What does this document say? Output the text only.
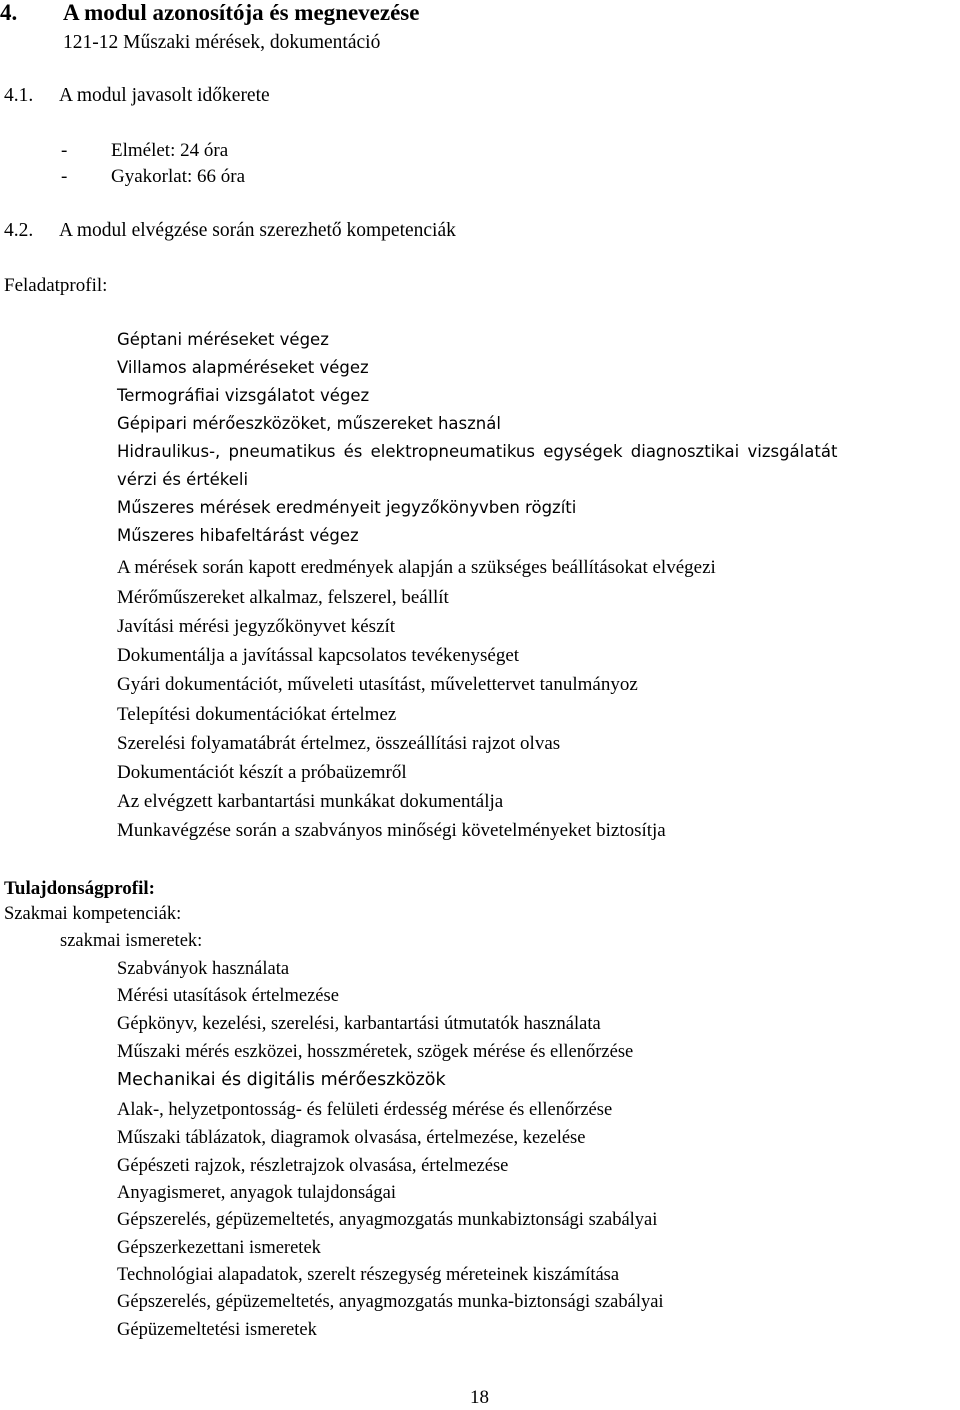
4. A modul azonosítója és megnevezése
121-12 Műszaki mérések, dokumentáció
4.1. A modul javasolt időkerete
- Elmélet: 24 óra
- Gyakorlat: 66 óra
4.2. A modul elvégzése során szerezhető kompetenciák
Feladatprofil:
Géptani méréseket végez
Villamos alapméréseket végez
Termográfiai vizsgálatot végez
Gépipari mérőeszközöket, műszereket használ
Hidraulikus-, pneumatikus és elektropneumatikus egységek diagnosztikai vizsgálatát
vérzi és értékeli
Műszeres mérések eredményeit jegyzőkönyvben rögzíti
Műszeres hibafeltárást végez
A mérések során kapott eredmények alapján a szükséges beállításokat elvégezi
Mérőműszereket alkalmaz, felszerel, beállít
Javítási mérési jegyzőkönyvet készít
Dokumentálja a javítással kapcsolatos tevékenységet
Gyári dokumentációt, műveleti utasítást, művelettervet tanulmányoz
Telepítési dokumentációkat értelmez
Szerelési folyamatábrát értelmez, összeállítási rajzot olvas
Dokumentációt készít a próbaüzemről
Az elvégzett karbantartási munkákat dokumentálja
Munkavégzése során a szabványos minőségi követelményeket biztosítja
Tulajdonságprofil:
Szakmai kompetenciák:
szakmai ismeretek:
Szabványok használata
Mérési utasítások értelmezése
Gépkönyv, kezelési, szerelési, karbantartási útmutatók használata
Műszaki mérés eszközei, hosszméretek, szögek mérése és ellenőrzése
Mechanikai és digitális mérőeszközök
Alak-, helyzetpontosság- és felületi érdesség mérése és ellenőrzése
Műszaki táblázatok, diagramok olvasása, értelmezése, kezelése
Gépészeti rajzok, részletrajzok olvasása, értelmezése
Anyagismeret, anyagok tulajdonságai
Gépszerelés, gépüzemeltetés, anyagmozgatás munkabiztonsági szabályai
Gépszerkezettani ismeretek
Technológiai alapadatok, szerelt részegység méreteinek kiszámítása
Gépszerelés, gépüzemeltetés, anyagmozgatás munka-biztonsági szabályai
Gépüzemeltetési ismeretek
18
